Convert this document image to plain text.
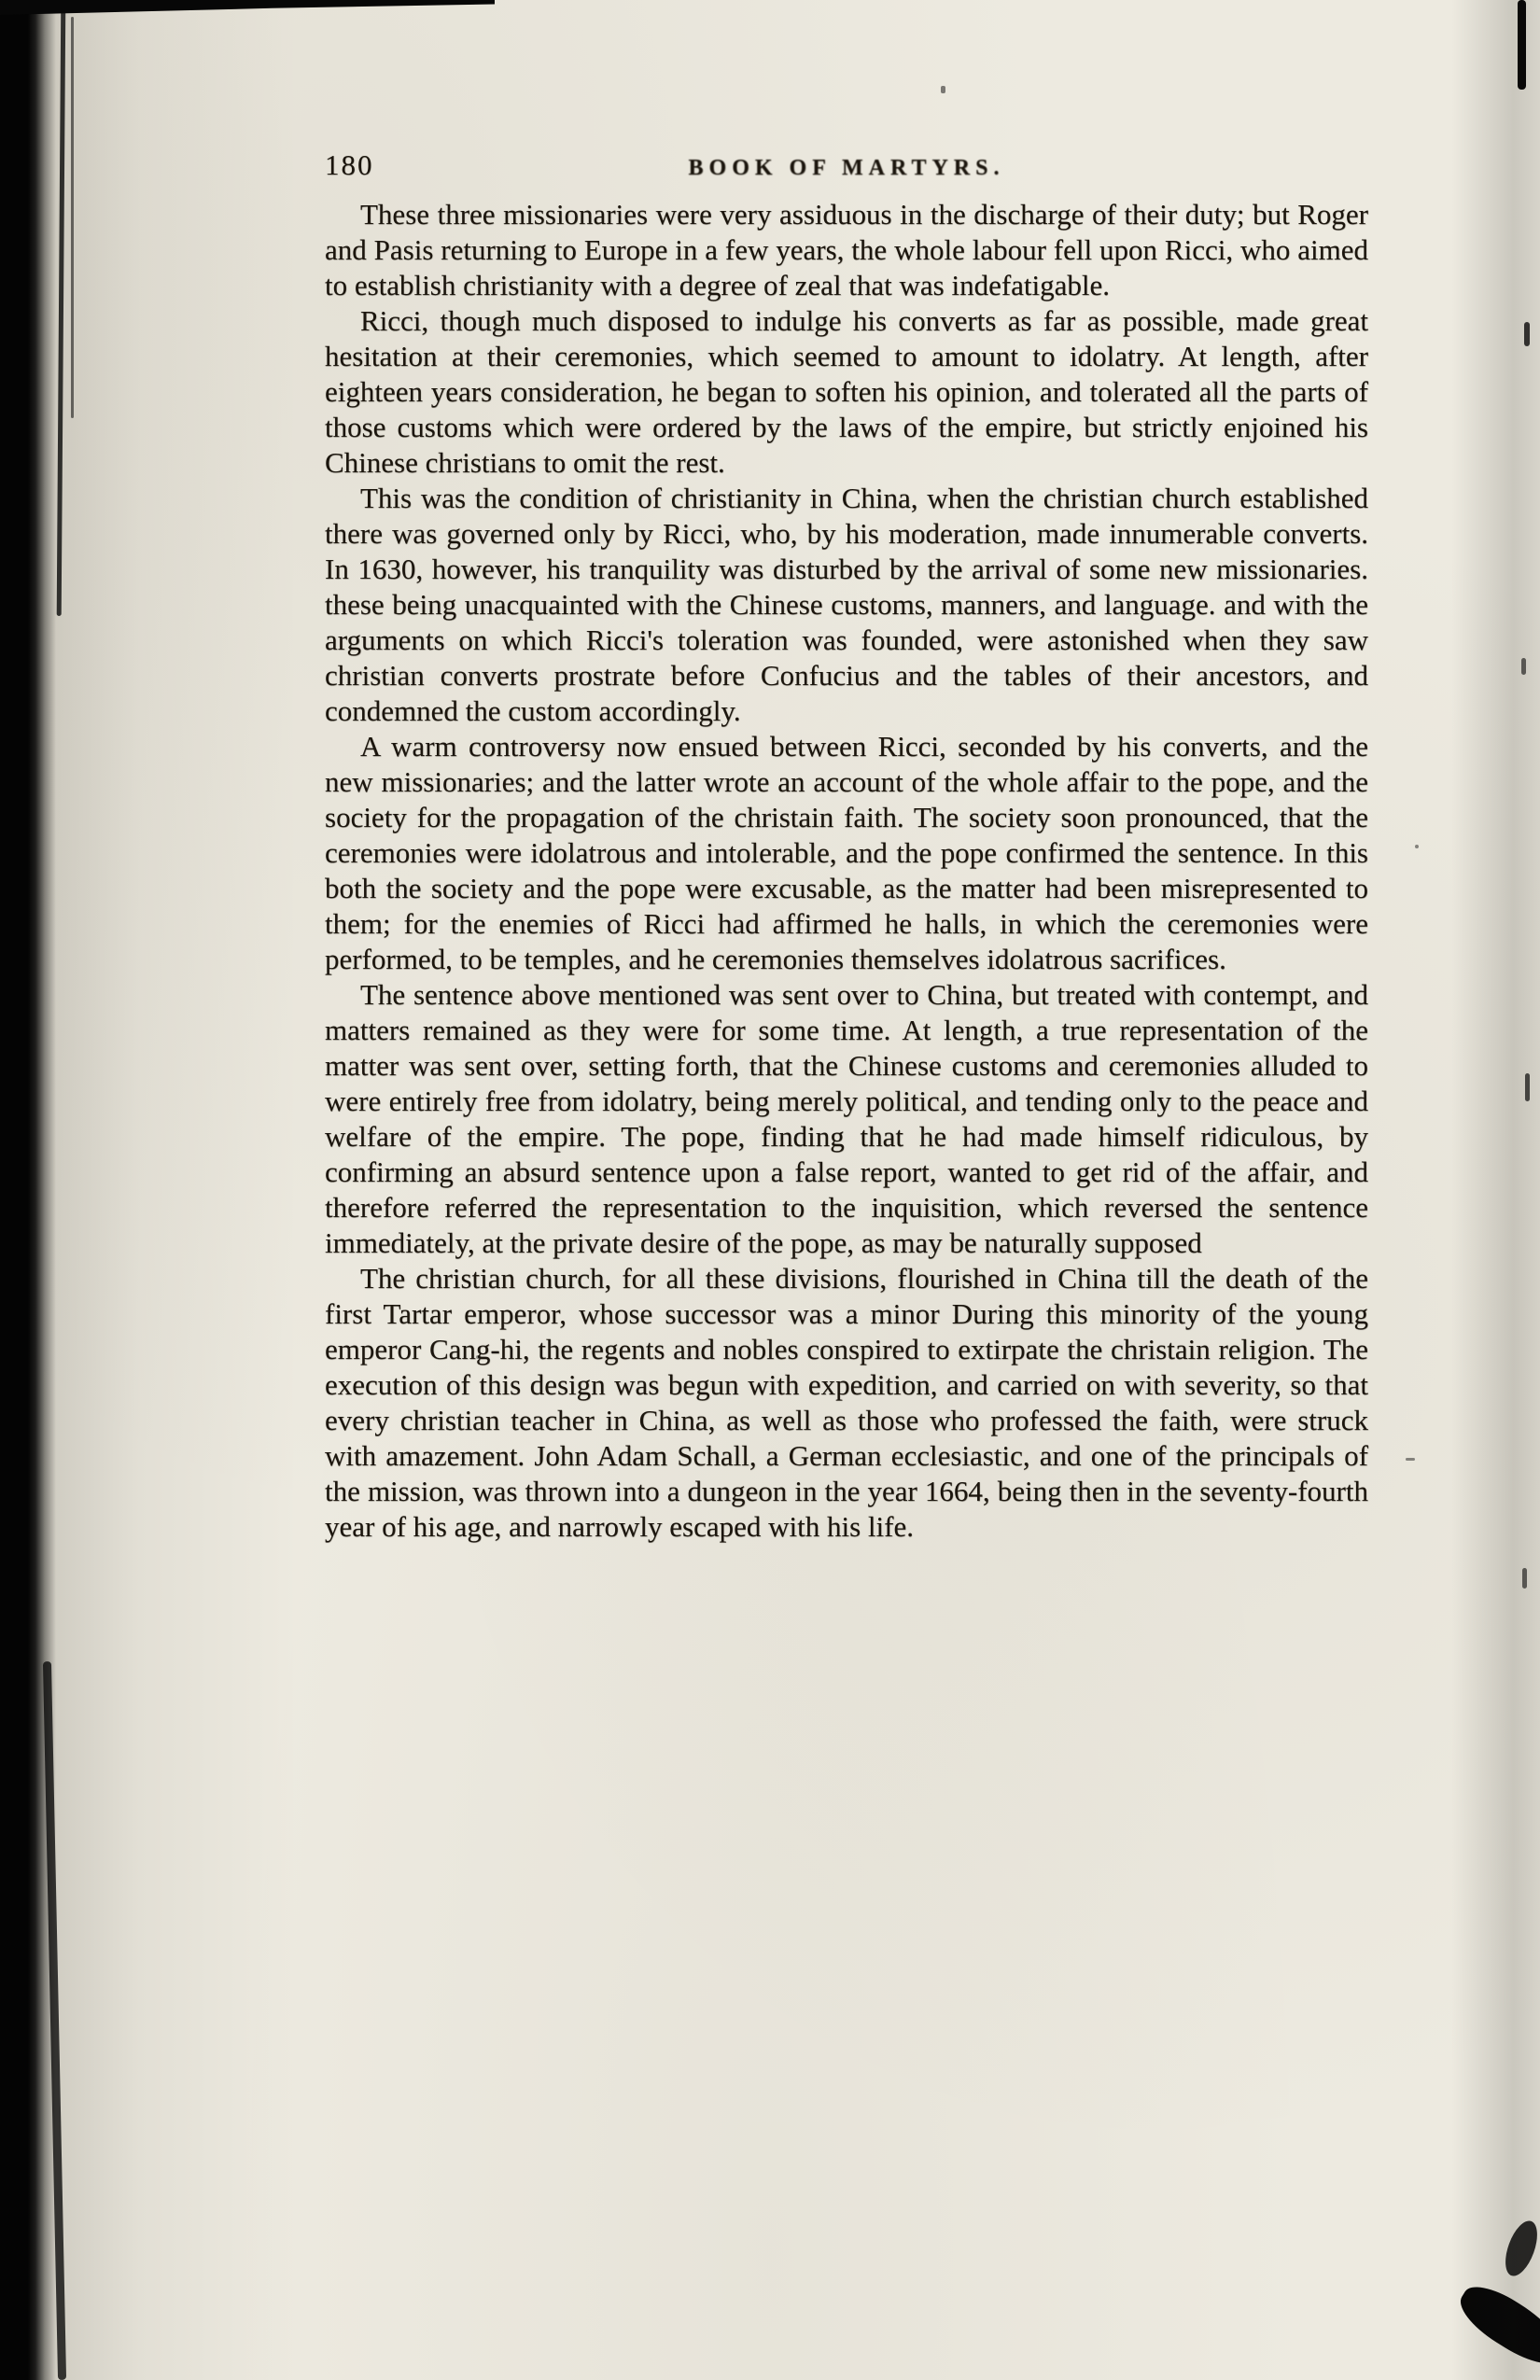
180	BOOK OF MARTYRS.

These three missionaries were very assiduous in the discharge of their duty; but Roger and Pasis returning to Europe in a few years, the whole labour fell upon Ricci, who aimed to establish christianity with a degree of zeal that was indefatigable.

Ricci, though much disposed to indulge his converts as far as possible, made great hesitation at their ceremonies, which seemed to amount to idolatry. At length, after eighteen years consideration, he began to soften his opinion, and tolerated all the parts of those customs which were ordered by the laws of the empire, but strictly enjoined his Chinese christians to omit the rest.

This was the condition of christianity in China, when the christian church established there was governed only by Ricci, who, by his moderation, made innumerable converts. In 1630, however, his tranquility was disturbed by the arrival of some new missionaries. these being unacquainted with the Chinese customs, manners, and language. and with the arguments on which Ricci's toleration was founded, were astonished when they saw christian converts prostrate before Confucius and the tables of their ancestors, and condemned the custom accordingly.

A warm controversy now ensued between Ricci, seconded by his converts, and the new missionaries; and the latter wrote an account of the whole affair to the pope, and the society for the propagation of the christain faith. The society soon pronounced, that the ceremonies were idolatrous and intolerable, and the pope confirmed the sentence. In this both the society and the pope were excusable, as the matter had been misrepresented to them; for the enemies of Ricci had affirmed he halls, in which the ceremonies were performed, to be temples, and he ceremonies themselves idolatrous sacrifices.

The sentence above mentioned was sent over to China, but treated with contempt, and matters remained as they were for some time. At length, a true representation of the matter was sent over, setting forth, that the Chinese customs and ceremonies alluded to were entirely free from idolatry, being merely political, and tending only to the peace and welfare of the empire. The pope, finding that he had made himself ridiculous, by confirming an absurd sentence upon a false report, wanted to get rid of the affair, and therefore referred the representation to the inquisition, which reversed the sentence immediately, at the private desire of the pope, as may be naturally supposed

The christian church, for all these divisions, flourished in China till the death of the first Tartar emperor, whose successor was a minor During this minority of the young emperor Cang-hi, the regents and nobles conspired to extirpate the christain religion. The execution of this design was begun with expedition, and carried on with severity, so that every christian teacher in China, as well as those who professed the faith, were struck with amazement. John Adam Schall, a German ecclesiastic, and one of the principals of the mission, was thrown into a dungeon in the year 1664, being then in the seventy-fourth year of his age, and narrowly escaped with his life.
